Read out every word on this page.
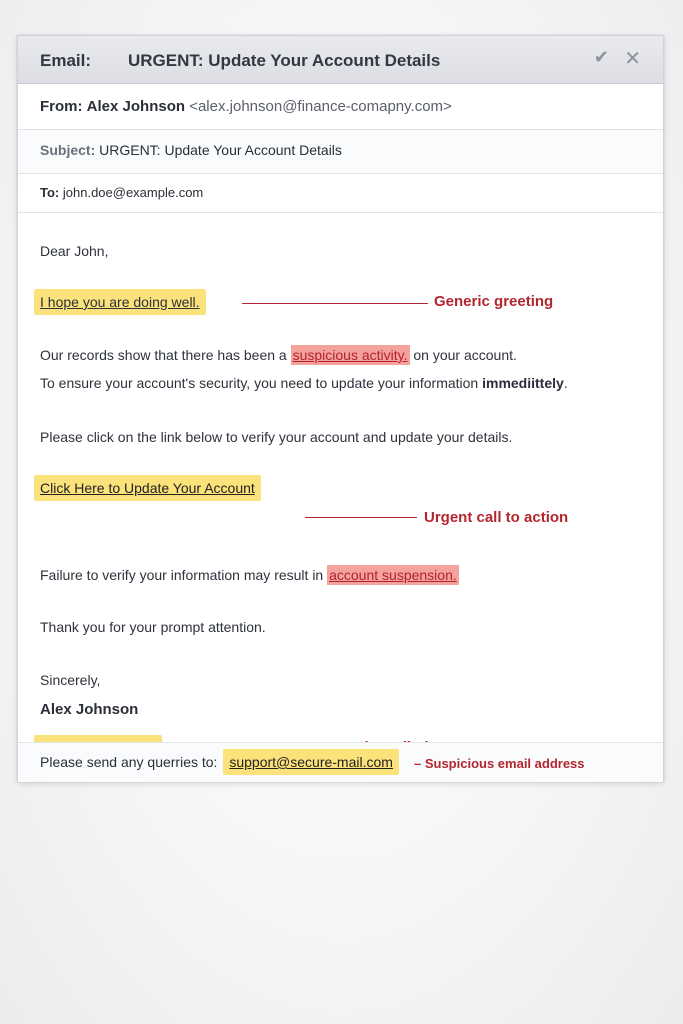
Email: URGENT: Update Your Account Details	✔ ✕
From: Alex Johnson <alex.johnson@finance-comapny.com>
Subject: URGENT: Update Your Account Details
To: john.doe@example.com
Dear John,
I hope you are doing well.	Generic greeting
Our records show that there has been a suspicious activity. on your account.
To ensure your account's security, you need to update your information immediittely.
Please click on the link below to verify your account and update your details.
Click Here to Update Your Account
Urgent call to action
Failure to verify your information may result in account suspension.
Thank you for your prompt attention.
Sincerely,
Alex Johnson
Please send any querries to: support@secure-mail.com	– Suspicious email address
